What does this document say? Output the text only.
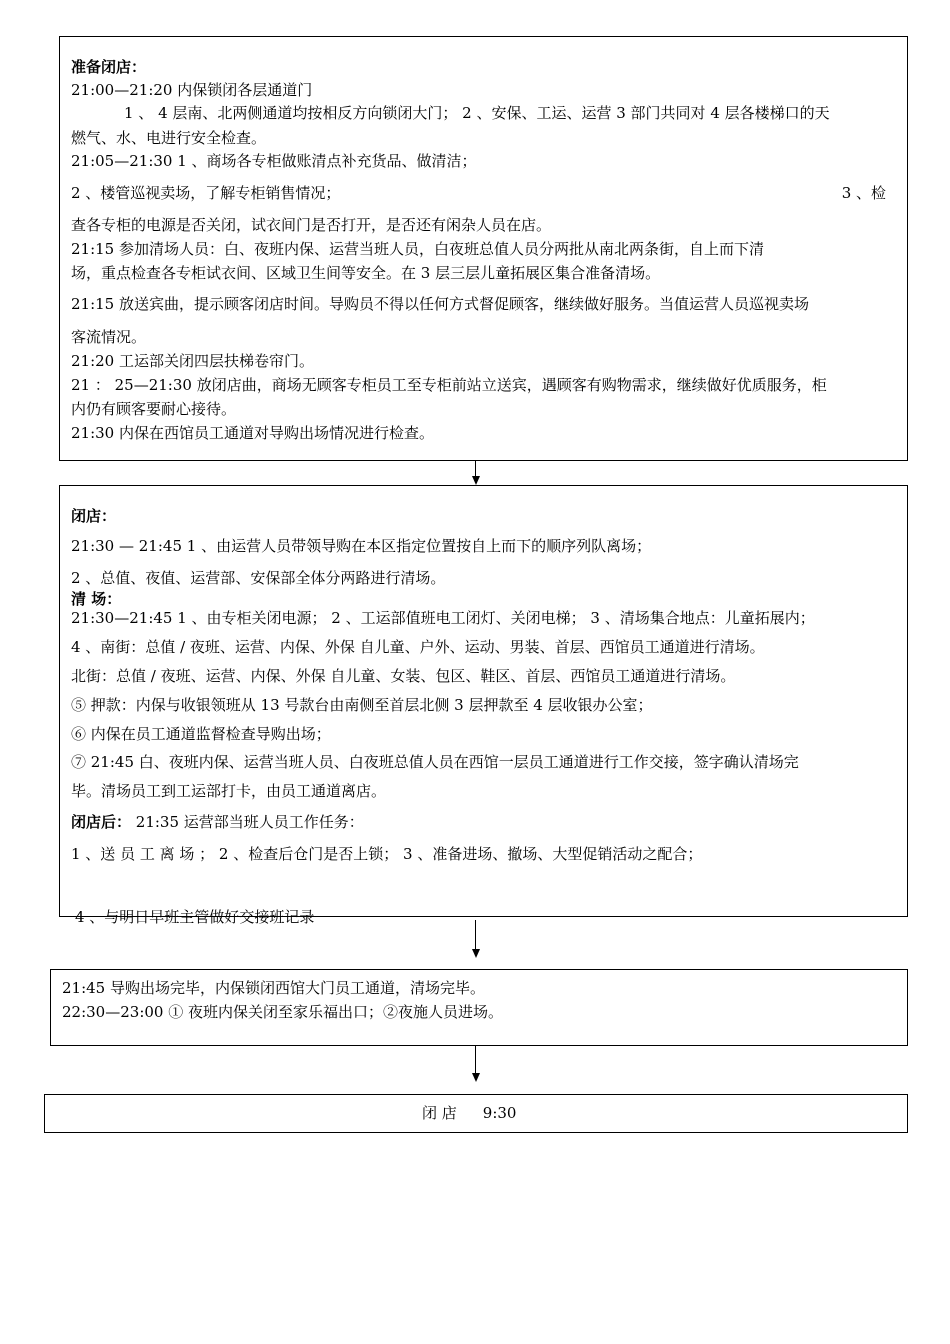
准备闭店：
21:00—21:20 内保锁闭各层通道门
1 、 4 层南、北两侧通道均按相反方向锁闭大门； 2 、安保、工运、运营 3 部门共同对 4 层各楼梯口的天
燃气、水、电进行安全检查。
21:05—21:30 1 、商场各专柜做账清点补充货品、做清洁；
2 、楼管巡视卖场，了解专柜销售情况；	3 、检
查各专柜的电源是否关闭，试衣间门是否打开，是否还有闲杂人员在店。
21:15 参加清场人员：白、夜班内保、运营当班人员，白夜班总值人员分两批从南北两条街，自上而下清
场，重点检查各专柜试衣间、区域卫生间等安全。在 3 层三层儿童拓展区集合准备清场。
21:15 放送宾曲，提示顾客闭店时间。导购员不得以任何方式督促顾客，继续做好服务。当值运营人员巡视卖场
客流情况。
21:20 工运部关闭四层扶梯卷帘门。
21 ： 25—21:30 放闭店曲，商场无顾客专柜员工至专柜前站立送宾，遇顾客有购物需求，继续做好优质服务，柜
内仍有顾客要耐心接待。
21:30 内保在西馆员工通道对导购出场情况进行检查。
闭店：
21:30 — 21:45 1 、由运营人员带领导购在本区指定位置按自上而下的顺序列队离场；
2 、总值、夜值、运营部、安保部全体分两路进行清场。
清 场：
21:30—21:45 1 、由专柜关闭电源； 2 、工运部值班电工闭灯、关闭电梯； 3 、清场集合地点：儿童拓展内；
4 、南街：总值 / 夜班、运营、内保、外保 自儿童、户外、运动、男装、首层、西馆员工通道进行清场。
北街：总值 / 夜班、运营、内保、外保 自儿童、女装、包区、鞋区、首层、西馆员工通道进行清场。
⑤ 押款：内保与收银领班从 13 号款台由南侧至首层北侧 3 层押款至 4 层收银办公室；
⑥ 内保在员工通道监督检查导购出场；
⑦ 21:45 白、夜班内保、运营当班人员、白夜班总值人员在西馆一层员工通道进行工作交接，签字确认清场完
毕。清场员工到工运部打卡，由员工通道离店。
闭店后： 21:35 运营部当班人员工作任务：
1 、送 员 工 离 场 ； 2 、检查后仓门是否上锁； 3 、准备进场、撤场、大型促销活动之配合；
4 、与明日早班主管做好交接班记录
21:45 导购出场完毕，内保锁闭西馆大门员工通道，清场完毕。
22:30—23:00 ① 夜班内保关闭至家乐福出口；②夜施人员进场。
闭 店 9:30
